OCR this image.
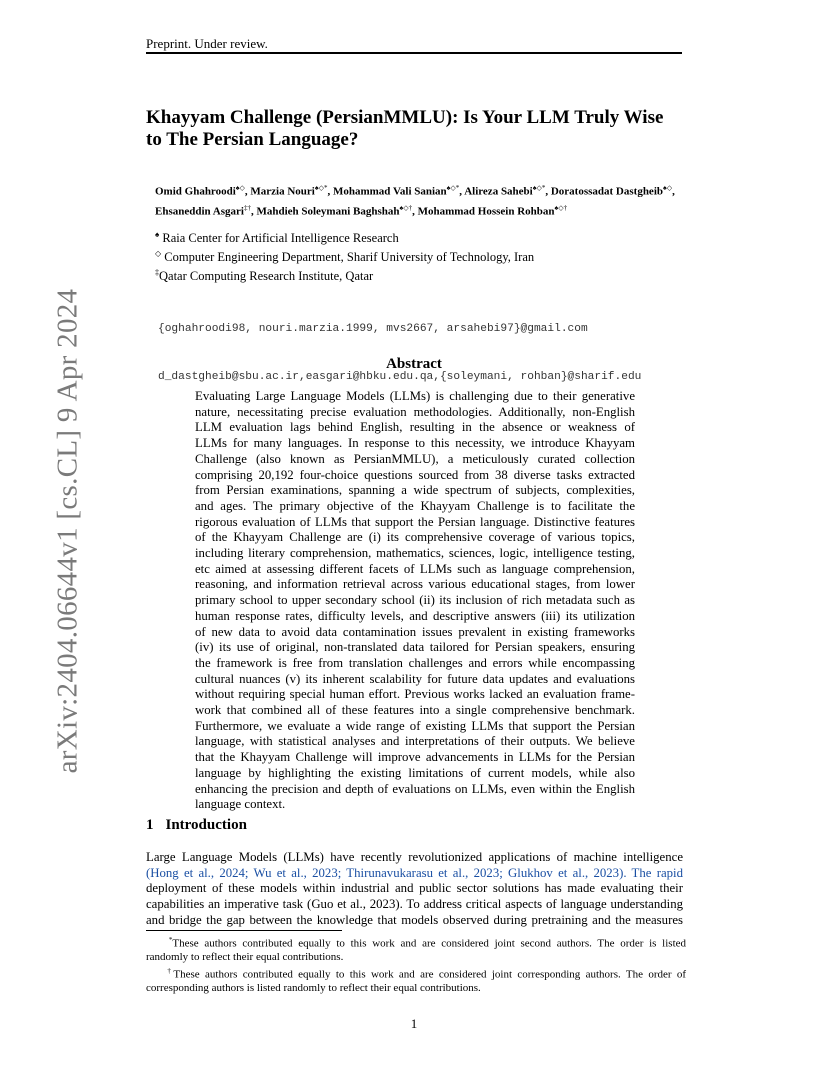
Preprint. Under review.
arXiv:2404.06644v1 [cs.CL] 9 Apr 2024
Khayyam Challenge (PersianMMLU): Is Your LLM Truly Wise
to The Persian Language?
Omid Ghahroodi♠◇, Marzia Nouri♠◇*, Mohammad Vali Sanian♠◇*, Alireza Sahebi♠◇*, Doratossadat Dastgheib♠◇,
Ehsaneddin Asgari‡†, Mahdieh Soleymani Baghshah♠◇†, Mohammad Hossein Rohban♠◇†
♠ Raia Center for Artificial Intelligence Research
◇ Computer Engineering Department, Sharif University of Technology, Iran
‡Qatar Computing Research Institute, Qatar

{oghahroodi98, nouri.marzia.1999, mvs2667, arsahebi97}@gmail.com

d_dastgheib@sbu.ac.ir,easgari@hbku.edu.qa,{soleymani, rohban}@sharif.edu

Abstract
Evaluating Large Language Models (LLMs) is challenging due to their generative
nature, necessitating precise evaluation methodologies. Additionally, non-English
LLM evaluation lags behind English, resulting in the absence or weakness of
LLMs for many languages. In response to this necessity, we introduce Khayyam
Challenge (also known as PersianMMLU), a meticulously curated collection
comprising 20,192 four-choice questions sourced from 38 diverse tasks extracted
from Persian examinations, spanning a wide spectrum of subjects, complexities,
and ages. The primary objective of the Khayyam Challenge is to facilitate the
rigorous evaluation of LLMs that support the Persian language. Distinctive features
of the Khayyam Challenge are (i) its comprehensive coverage of various topics,
including literary comprehension, mathematics, sciences, logic, intelligence testing,
etc aimed at assessing different facets of LLMs such as language comprehension,
reasoning, and information retrieval across various educational stages, from lower
primary school to upper secondary school (ii) its inclusion of rich metadata such as
human response rates, difficulty levels, and descriptive answers (iii) its utilization
of new data to avoid data contamination issues prevalent in existing frameworks
(iv) its use of original, non-translated data tailored for Persian speakers, ensuring
the framework is free from translation challenges and errors while encompassing
cultural nuances (v) its inherent scalability for future data updates and evaluations
without requiring special human effort. Previous works lacked an evaluation frame-
work that combined all of these features into a single comprehensive benchmark.
Furthermore, we evaluate a wide range of existing LLMs that support the Persian
language, with statistical analyses and interpretations of their outputs. We believe
that the Khayyam Challenge will improve advancements in LLMs for the Persian
language by highlighting the existing limitations of current models, while also
enhancing the precision and depth of evaluations on LLMs, even within the English
language context.
1 Introduction
Large Language Models (LLMs) have recently revolutionized applications of machine intelligence
(Hong et al., 2024; Wu et al., 2023; Thirunavukarasu et al., 2023; Glukhov et al., 2023). The rapid
deployment of these models within industrial and public sector solutions has made evaluating their
capabilities an imperative task (Guo et al., 2023). To address critical aspects of language understanding
and bridge the gap between the knowledge that models observed during pretraining and the measures
*These authors contributed equally to this work and are considered joint second authors. The order is listed
randomly to reflect their equal contributions.
†These authors contributed equally to this work and are considered joint corresponding authors. The order of
corresponding authors is listed randomly to reflect their equal contributions.
1
